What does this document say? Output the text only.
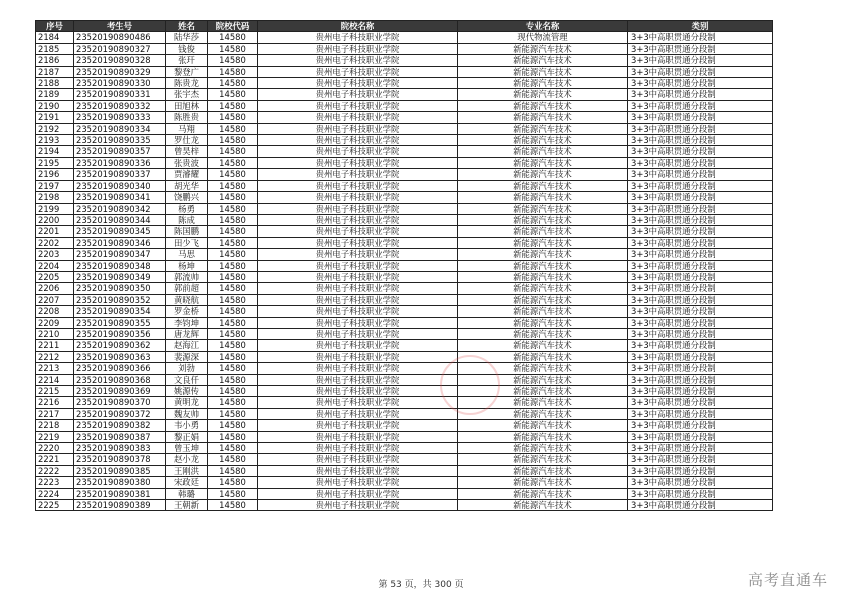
序号	考生号	姓名	院校代码	院校名称	专业名称	类别
2184	23520190890486	陆华莎	14580	贵州电子科技职业学院	现代物流管理	3+3中高职贯通分段制
2185	23520190890327	钱俊	14580	贵州电子科技职业学院	新能源汽车技术	3+3中高职贯通分段制
2186	23520190890328	张玕	14580	贵州电子科技职业学院	新能源汽车技术	3+3中高职贯通分段制
2187	23520190890329	黎登广	14580	贵州电子科技职业学院	新能源汽车技术	3+3中高职贯通分段制
2188	23520190890330	陈贵龙	14580	贵州电子科技职业学院	新能源汽车技术	3+3中高职贯通分段制
2189	23520190890331	张宇杰	14580	贵州电子科技职业学院	新能源汽车技术	3+3中高职贯通分段制
2190	23520190890332	田旭林	14580	贵州电子科技职业学院	新能源汽车技术	3+3中高职贯通分段制
2191	23520190890333	陈胜贵	14580	贵州电子科技职业学院	新能源汽车技术	3+3中高职贯通分段制
2192	23520190890334	马翔	14580	贵州电子科技职业学院	新能源汽车技术	3+3中高职贯通分段制
2193	23520190890335	罗仕龙	14580	贵州电子科技职业学院	新能源汽车技术	3+3中高职贯通分段制
2194	23520190890357	曾昊梓	14580	贵州电子科技职业学院	新能源汽车技术	3+3中高职贯通分段制
2195	23520190890336	张贵波	14580	贵州电子科技职业学院	新能源汽车技术	3+3中高职贯通分段制
2196	23520190890337	贾濬耀	14580	贵州电子科技职业学院	新能源汽车技术	3+3中高职贯通分段制
2197	23520190890340	胡光华	14580	贵州电子科技职业学院	新能源汽车技术	3+3中高职贯通分段制
2198	23520190890341	饶鹏兴	14580	贵州电子科技职业学院	新能源汽车技术	3+3中高职贯通分段制
2199	23520190890342	杨勇	14580	贵州电子科技职业学院	新能源汽车技术	3+3中高职贯通分段制
2200	23520190890344	陈成	14580	贵州电子科技职业学院	新能源汽车技术	3+3中高职贯通分段制
2201	23520190890345	陈国鹏	14580	贵州电子科技职业学院	新能源汽车技术	3+3中高职贯通分段制
2202	23520190890346	田少飞	14580	贵州电子科技职业学院	新能源汽车技术	3+3中高职贯通分段制
2203	23520190890347	马思	14580	贵州电子科技职业学院	新能源汽车技术	3+3中高职贯通分段制
2204	23520190890348	杨坤	14580	贵州电子科技职业学院	新能源汽车技术	3+3中高职贯通分段制
2205	23520190890349	郭流帅	14580	贵州电子科技职业学院	新能源汽车技术	3+3中高职贯通分段制
2206	23520190890350	郭前超	14580	贵州电子科技职业学院	新能源汽车技术	3+3中高职贯通分段制
2207	23520190890352	黄晓航	14580	贵州电子科技职业学院	新能源汽车技术	3+3中高职贯通分段制
2208	23520190890354	罗金桥	14580	贵州电子科技职业学院	新能源汽车技术	3+3中高职贯通分段制
2209	23520190890355	李钧坤	14580	贵州电子科技职业学院	新能源汽车技术	3+3中高职贯通分段制
2210	23520190890356	唐龙辉	14580	贵州电子科技职业学院	新能源汽车技术	3+3中高职贯通分段制
2211	23520190890362	赵海江	14580	贵州电子科技职业学院	新能源汽车技术	3+3中高职贯通分段制
2212	23520190890363	裴源深	14580	贵州电子科技职业学院	新能源汽车技术	3+3中高职贯通分段制
2213	23520190890366	刘勃	14580	贵州电子科技职业学院	新能源汽车技术	3+3中高职贯通分段制
2214	23520190890368	文良仟	14580	贵州电子科技职业学院	新能源汽车技术	3+3中高职贯通分段制
2215	23520190890369	姚源传	14580	贵州电子科技职业学院	新能源汽车技术	3+3中高职贯通分段制
2216	23520190890370	黄明龙	14580	贵州电子科技职业学院	新能源汽车技术	3+3中高职贯通分段制
2217	23520190890372	魏友帅	14580	贵州电子科技职业学院	新能源汽车技术	3+3中高职贯通分段制
2218	23520190890382	韦小勇	14580	贵州电子科技职业学院	新能源汽车技术	3+3中高职贯通分段制
2219	23520190890387	黎正娟	14580	贵州电子科技职业学院	新能源汽车技术	3+3中高职贯通分段制
2220	23520190890383	曾玉坤	14580	贵州电子科技职业学院	新能源汽车技术	3+3中高职贯通分段制
2221	23520190890378	赵小龙	14580	贵州电子科技职业学院	新能源汽车技术	3+3中高职贯通分段制
2222	23520190890385	王刚洪	14580	贵州电子科技职业学院	新能源汽车技术	3+3中高职贯通分段制
2223	23520190890380	宋政廷	14580	贵州电子科技职业学院	新能源汽车技术	3+3中高职贯通分段制
2224	23520190890381	韩璐	14580	贵州电子科技职业学院	新能源汽车技术	3+3中高职贯通分段制
2225	23520190890389	王朝新	14580	贵州电子科技职业学院	新能源汽车技术	3+3中高职贯通分段制
第 53 页，共 300 页	高考直通车
